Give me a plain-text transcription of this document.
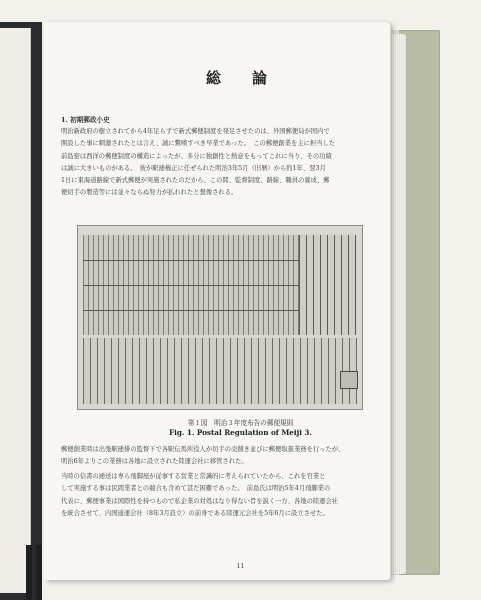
総　論
1. 初期郵政小史
明治新政府の樹立されてから4年足らずで新式郵便制度を発足させたのは、外国郵便局が国内で
開設した事に刺激されたとは言え、誠に驚嘆すべき早業であった。　この郵便創業を主に担当した
前島密は西洋の郵便制度の構造によったが、多分に独創性と熱意をもってこれに当り、その功績
は誠に大きいものがある。　彼が駅逓権正に任ぜられた明治3年5月（旧暦）から約1年、翌3月
1日に東海道路線で新式郵便が実施されたのだから、この間、監督制度、路線、職員の養成、郵
便切手の製造等には並々ならぬ努力が払われたと想像される。
第１図　明治３年度布告の郵便規則
Fig. 1. Postal Regulation of Meiji 3.
郵便創業時は出張駅逓掛の監督下で各駅伝馬所役人が切手の売捌き並びに郵便取扱業務を行ったが、
明治6年よりこの業務は各地に設立された陸運会社に移管された。
当時の信書の逓送は専ら飛脚屋が従事する営業と常識的に考えられていたから、これを官業と
して実施する事は民間業者との競合も含めて甚だ困難であった。　前島氏は明治5年4月飛脚業の
代表に、郵便事業は国際性を持つもので私企業の対処はなり得ない旨を説く一方、各地の陸運会社
を統合させて、内国通運会社（8年3月設立）の前身である陸運元会社を5年6月に設立させた。
11
